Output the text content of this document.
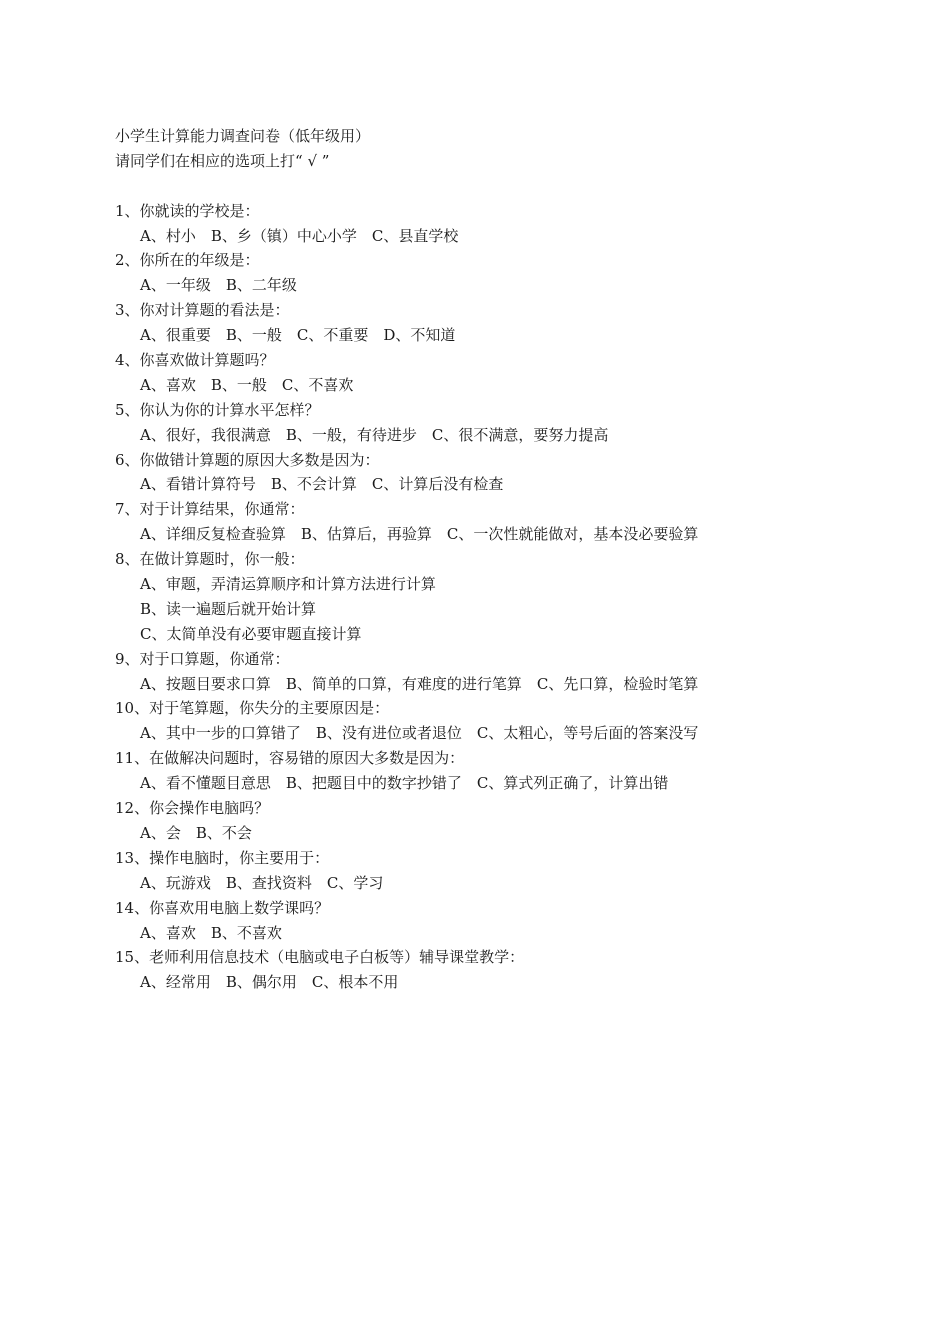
小学生计算能力调查问卷（低年级用）
请同学们在相应的选项上打“ √ ”
1、你就读的学校是：
A、村小　B、乡（镇）中心小学　C、县直学校
2、你所在的年级是：
A、一年级　B、二年级
3、你对计算题的看法是：
A、很重要　B、一般　C、不重要　D、不知道
4、你喜欢做计算题吗？
A、喜欢　B、一般　C、不喜欢
5、你认为你的计算水平怎样？
A、很好，我很满意　B、一般，有待进步　C、很不满意，要努力提高
6、你做错计算题的原因大多数是因为：
A、看错计算符号　B、不会计算　C、计算后没有检查
7、对于计算结果，你通常：
A、详细反复检查验算　B、估算后，再验算　C、一次性就能做对，基本没必要验算
8、在做计算题时，你一般：
A、审题，弄清运算顺序和计算方法进行计算
B、读一遍题后就开始计算
C、太简单没有必要审题直接计算
9、对于口算题，你通常：
A、按题目要求口算　B、简单的口算，有难度的进行笔算　C、先口算，检验时笔算
10、对于笔算题，你失分的主要原因是：
A、其中一步的口算错了　B、没有进位或者退位　C、太粗心，等号后面的答案没写
11、在做解决问题时，容易错的原因大多数是因为：
A、看不懂题目意思　B、把题目中的数字抄错了　C、算式列正确了，计算出错
12、你会操作电脑吗？
A、会　B、不会
13、操作电脑时，你主要用于：
A、玩游戏　B、查找资料　C、学习
14、你喜欢用电脑上数学课吗？
A、喜欢　B、不喜欢
15、老师利用信息技术（电脑或电子白板等）辅导课堂教学：
A、经常用　B、偶尔用　C、根本不用
